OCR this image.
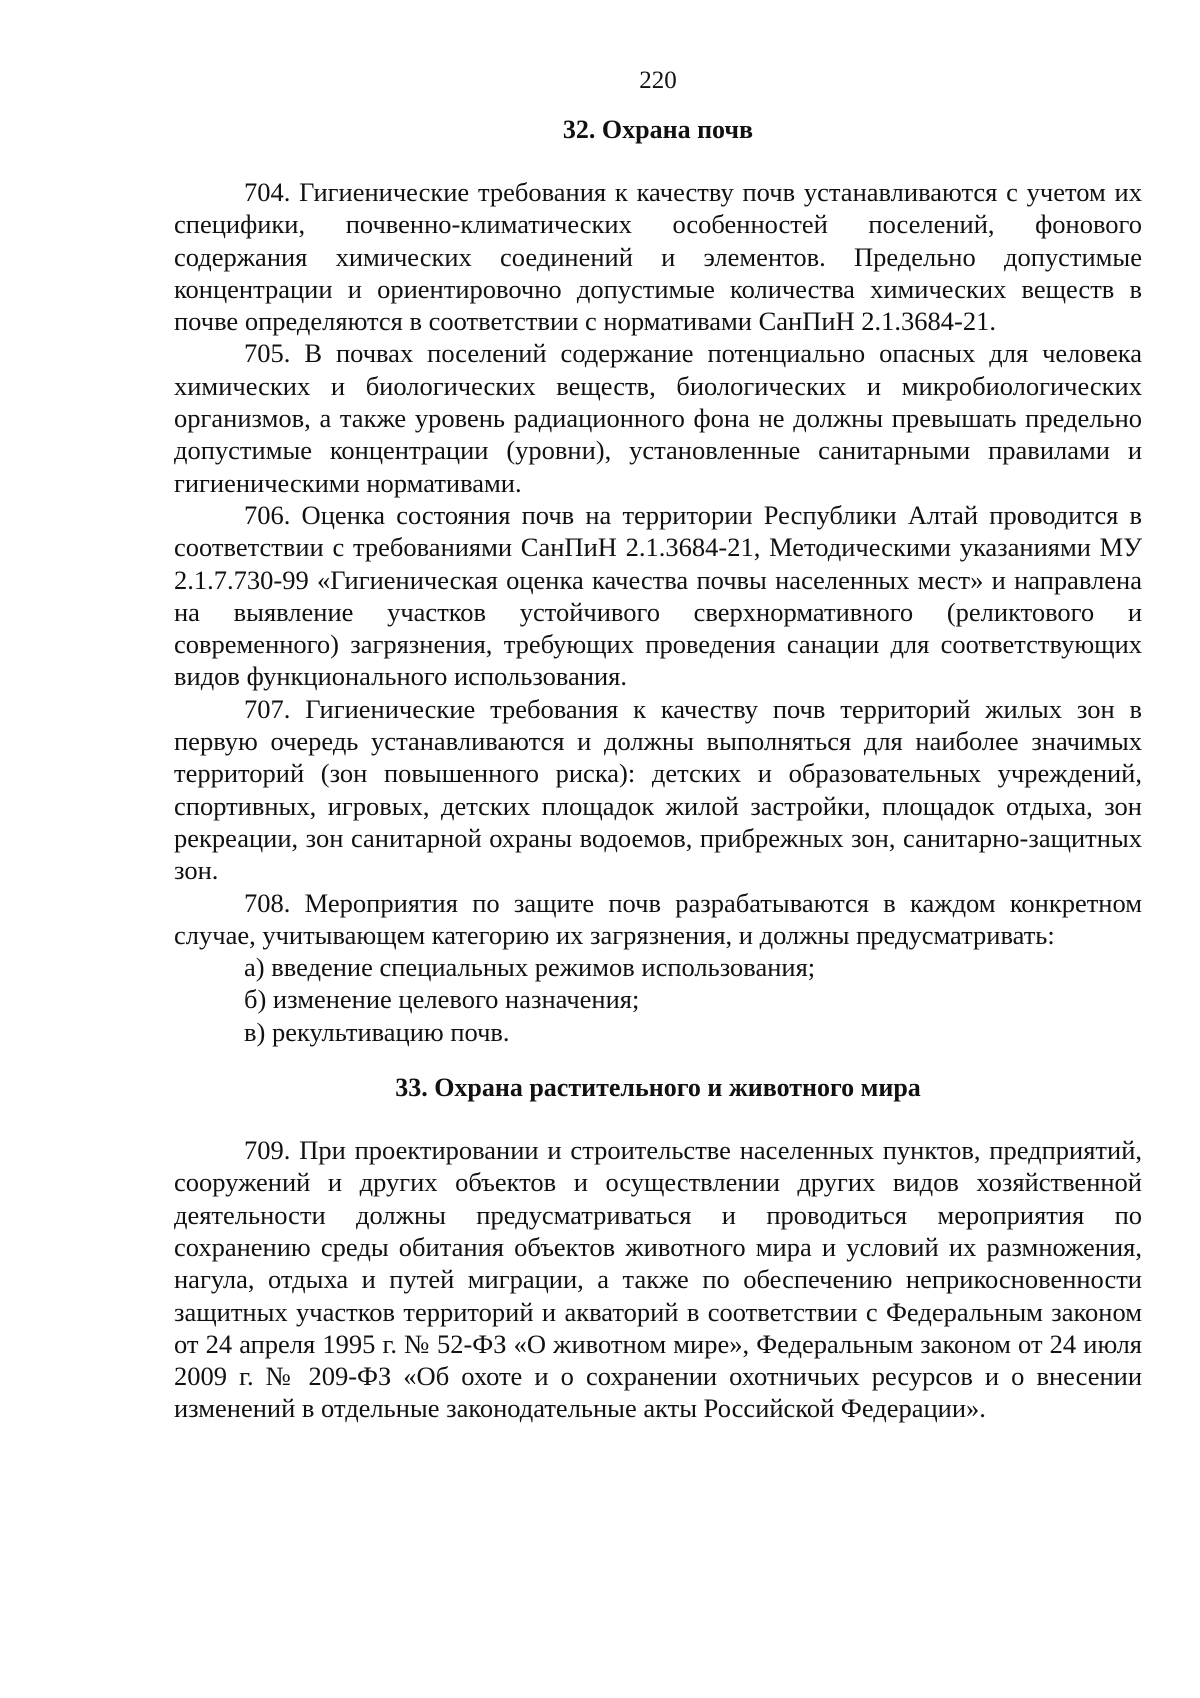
220
32. Охрана почв

704. Гигиенические требования к качеству почв устанавливаются с учетом их специфики, почвенно-климатических особенностей поселений, фонового содержания химических соединений и элементов. Предельно допустимые концентрации и ориентировочно допустимые количества химических веществ в почве определяются в соответствии с нормативами СанПиН 2.1.3684-21.

705. В почвах поселений содержание потенциально опасных для человека химических и биологических веществ, биологических и микробиологических организмов, а также уровень радиационного фона не должны превышать предельно допустимые концентрации (уровни), установленные санитарными правилами и гигиеническими нормативами.

706. Оценка состояния почв на территории Республики Алтай проводится в соответствии с требованиями СанПиН 2.1.3684-21, Методическими указаниями МУ 2.1.7.730-99 «Гигиеническая оценка качества почвы населенных мест» и направлена на выявление участков устойчивого сверхнормативного (реликтового и современного) загрязнения, требующих проведения санации для соответствующих видов функционального использования.

707. Гигиенические требования к качеству почв территорий жилых зон в первую очередь устанавливаются и должны выполняться для наиболее значимых территорий (зон повышенного риска): детских и образовательных учреждений, спортивных, игровых, детских площадок жилой застройки, площадок отдыха, зон рекреации, зон санитарной охраны водоемов, прибрежных зон, санитарно-защитных зон.

708. Мероприятия по защите почв разрабатываются в каждом конкретном случае, учитывающем категорию их загрязнения, и должны предусматривать:

а) введение специальных режимов использования;

б) изменение целевого назначения;

в) рекультивацию почв.

33. Охрана растительного и животного мира

709. При проектировании и строительстве населенных пунктов, предприятий, сооружений и других объектов и осуществлении других видов хозяйственной деятельности должны предусматриваться и проводиться мероприятия по сохранению среды обитания объектов животного мира и условий их размножения, нагула, отдыха и путей миграции, а также по обеспечению неприкосновенности защитных участков территорий и акваторий в соответствии с Федеральным законом от 24 апреля 1995 г. № 52-ФЗ «О животном мире», Федеральным законом от 24 июля 2009 г. № 209-ФЗ «Об охоте и о сохранении охотничьих ресурсов и о внесении изменений в отдельные законодательные акты Российской Федерации».
